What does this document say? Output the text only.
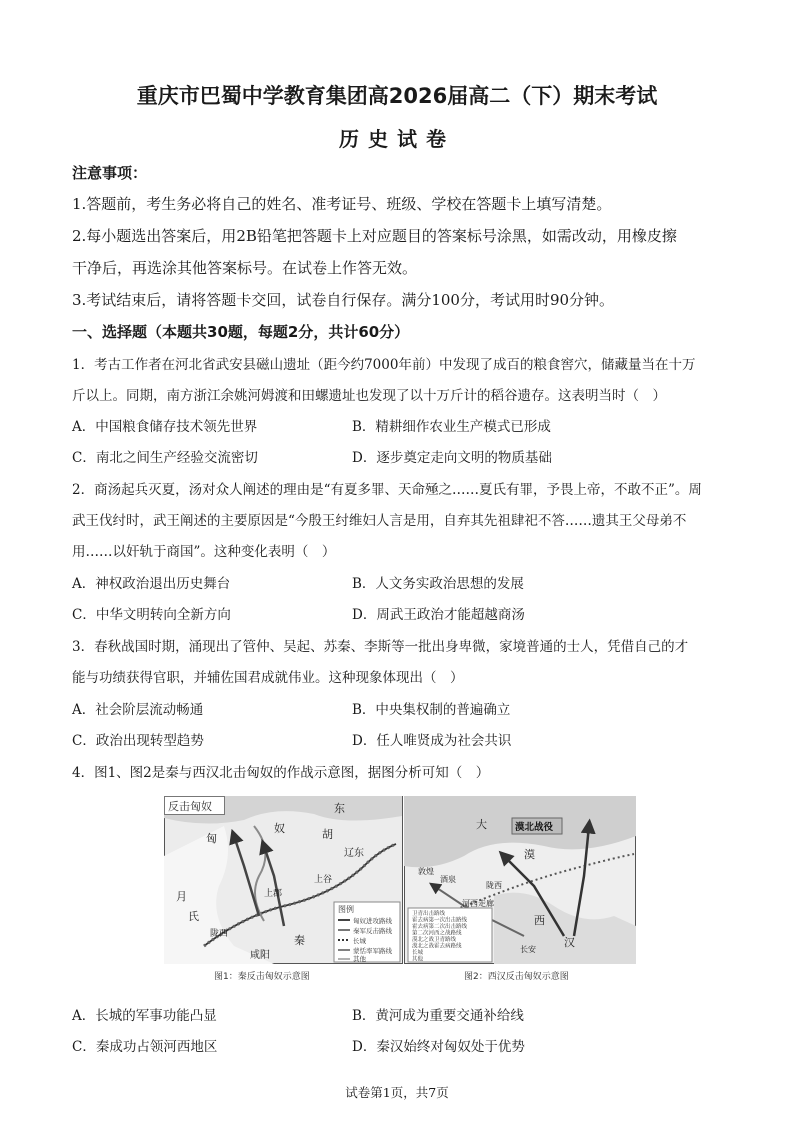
重庆市巴蜀中学教育集团高2026届高二（下）期末考试
历史试卷
注意事项：
1.答题前，考生务必将自己的姓名、准考证号、班级、学校在答题卡上填写清楚。
2.每小题选出答案后，用2B铅笔把答题卡上对应题目的答案标号涂黑，如需改动，用橡皮擦
干净后，再选涂其他答案标号。在试卷上作答无效。
3.考试结束后，请将答题卡交回，试卷自行保存。满分100分，考试用时90分钟。
一、选择题（本题共30题，每题2分，共计60分）
1．考古工作者在河北省武安县磁山遗址（距今约7000年前）中发现了成百的粮食窖穴，储藏量当在十万
斤以上。同期，南方浙江余姚河姆渡和田螺遗址也发现了以十万斤计的稻谷遗存。这表明当时（　）
A．中国粮食储存技术领先世界	B．精耕细作农业生产模式已形成
C．南北之间生产经验交流密切	D．逐步奠定走向文明的物质基础
2．商汤起兵灭夏，汤对众人阐述的理由是“有夏多罪、天命殛之……夏氏有罪，予畏上帝，不敢不正”。周
武王伐纣时，武王阐述的主要原因是“今殷王纣维妇人言是用，自弃其先祖肆祀不答……遗其王父母弟不
用……以奸轨于商国”。这种变化表明（　）
A．神权政治退出历史舞台	B．人文务实政治思想的发展
C．中华文明转向全新方向	D．周武王政治才能超越商汤
3．春秋战国时期，涌现出了管仲、吴起、苏秦、李斯等一批出身卑微，家境普通的士人，凭借自己的才
能与功绩获得官职，并辅佐国君成就伟业。这种现象体现出（　）
A．社会阶层流动畅通	B．中央集权制的普遍确立
C．政治出现转型趋势	D．任人唯贤成为社会共识
4．图1、图2是秦与西汉北击匈奴的作战示意图，据图分析可知（　）
反击匈奴	东
胡
匈
奴
辽东
月
氏
上郡
陇西
咸阳
秦
上谷
图例
匈奴进攻路线
秦军反击路线
长城
蒙恬率军路线
其他
漠北战役
大
漠
河西走廊
西
汉
长安
酒泉
敦煌
陇西
卫青出击路线
霍去病第一次出击路线
霍去病第二次出击路线
第二次河西之战路线
漠北之战卫青路线
漠北之战霍去病路线
长城
其他
图1：秦反击匈奴示意图	图2：西汉反击匈奴示意图
A．长城的军事功能凸显	B．黄河成为重要交通补给线
C．秦成功占领河西地区	D．秦汉始终对匈奴处于优势
试卷第1页，共7页
